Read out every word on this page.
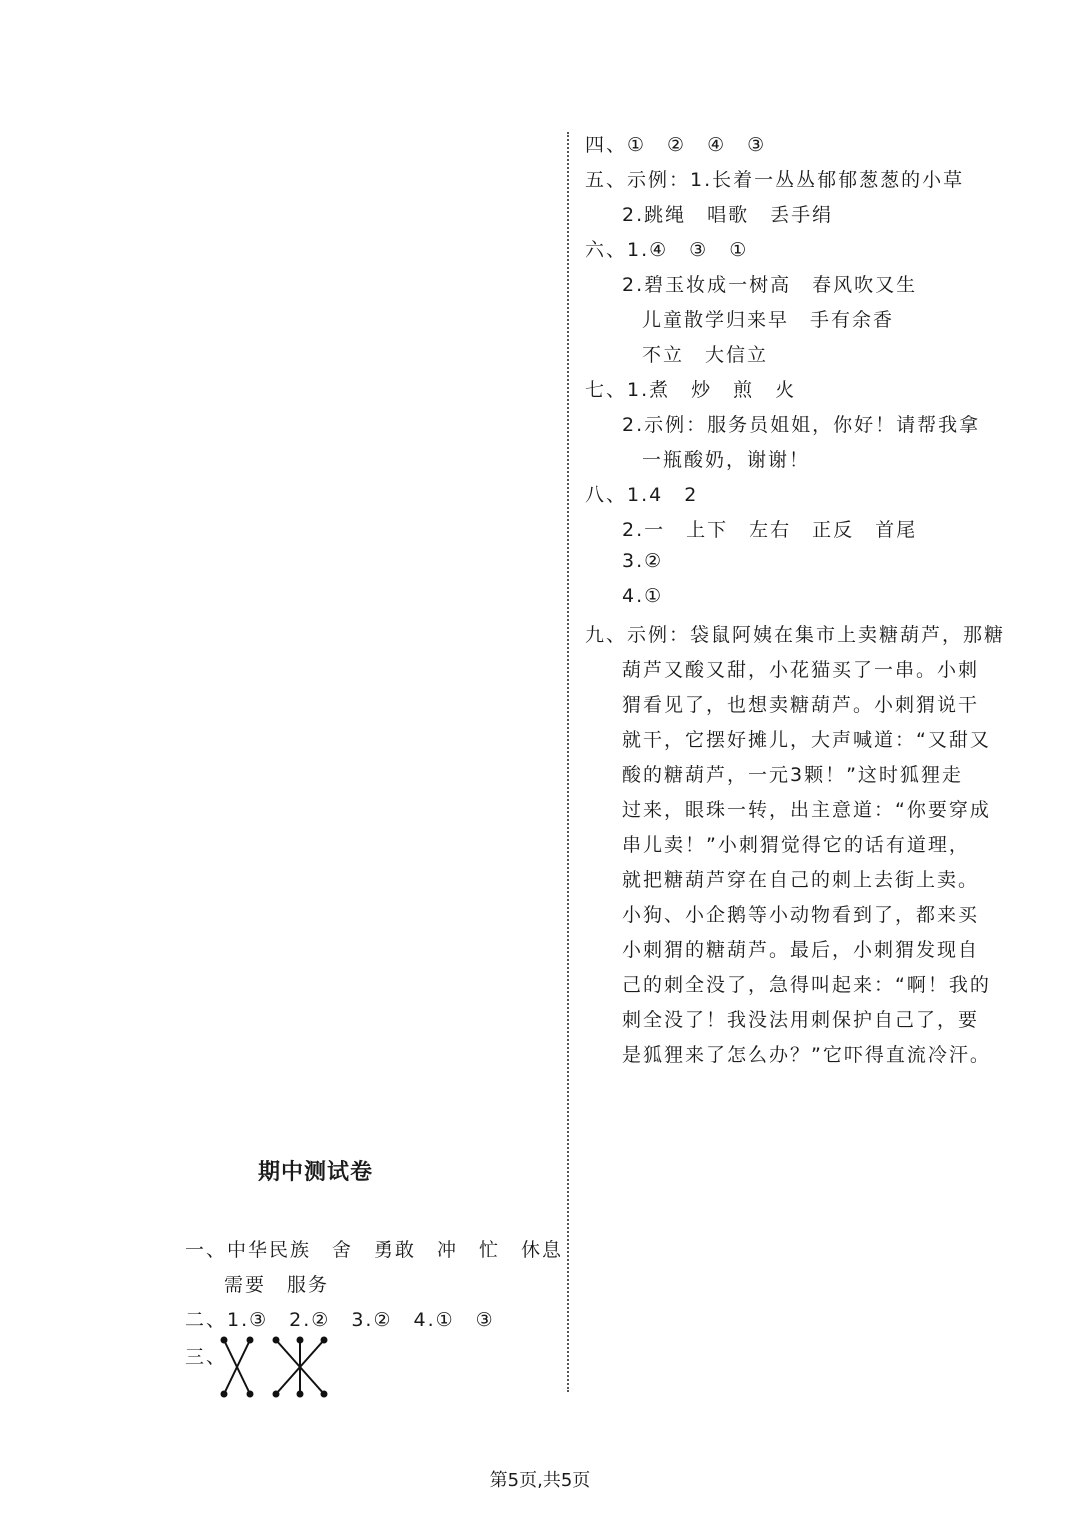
四、①　②　④　③
五、示例：1.长着一丛丛郁郁葱葱的小草
2.跳绳　唱歌　丢手绢
六、1.④　③　①
2.碧玉妆成一树高　春风吹又生
儿童散学归来早　手有余香
不立　大信立
七、1.煮　炒　煎　火
2.示例：服务员姐姐，你好！请帮我拿
一瓶酸奶，谢谢！
八、1.4　2
2.一　上下　左右　正反　首尾
3.②
4.①
九、示例：袋鼠阿姨在集市上卖糖葫芦，那糖
葫芦又酸又甜，小花猫买了一串。小刺
猬看见了，也想卖糖葫芦。小刺猬说干
就干，它摆好摊儿，大声喊道：“又甜又
酸的糖葫芦，一元3颗！”这时狐狸走
过来，眼珠一转，出主意道：“你要穿成
串儿卖！”小刺猬觉得它的话有道理，
就把糖葫芦穿在自己的刺上去街上卖。
小狗、小企鹅等小动物看到了，都来买
小刺猬的糖葫芦。最后，小刺猬发现自
己的刺全没了，急得叫起来：“啊！我的
刺全没了！我没法用刺保护自己了，要
是狐狸来了怎么办？”它吓得直流冷汗。
期中测试卷
一、中华民族　舍　勇敢　冲　忙　休息
需要　服务
二、1.③　2.②　3.②　4.①　③
三、
第5页,共5页
